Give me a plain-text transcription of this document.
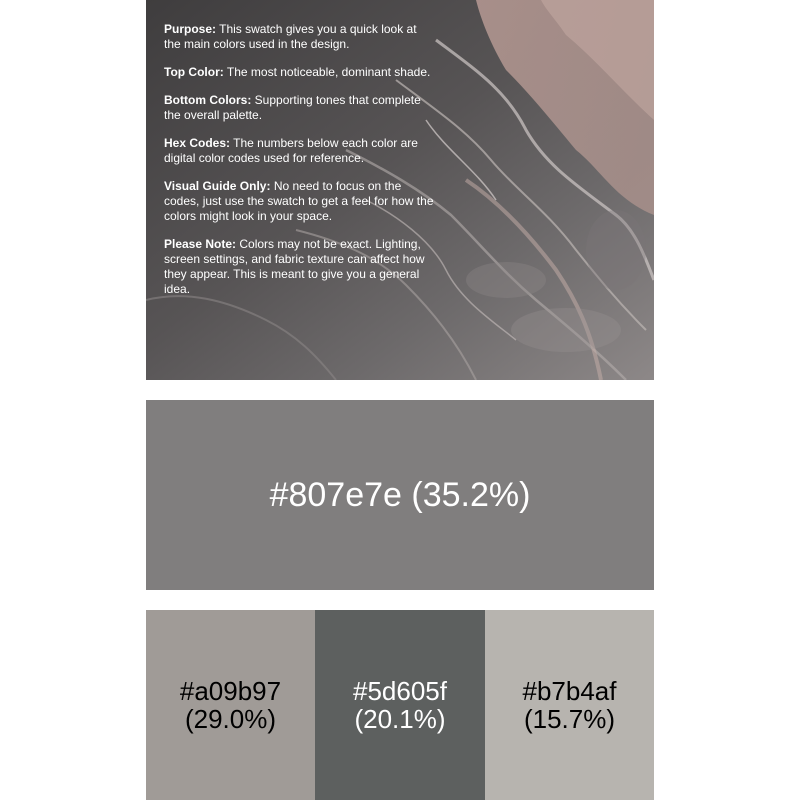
Purpose: This swatch gives you a quick look at the main colors used in the design.

Top Color: The most noticeable, dominant shade.

Bottom Colors: Supporting tones that complete the overall palette.

Hex Codes: The numbers below each color are digital color codes used for reference.

Visual Guide Only: No need to focus on the codes, just use the swatch to get a feel for how the colors might look in your space.

Please Note: Colors may not be exact. Lighting, screen settings, and fabric texture can affect how they appear. This is meant to give you a general idea.

#807e7e (35.2%)
#a09b97
(29.0%)
#5d605f
(20.1%)
#b7b4af
(15.7%)
